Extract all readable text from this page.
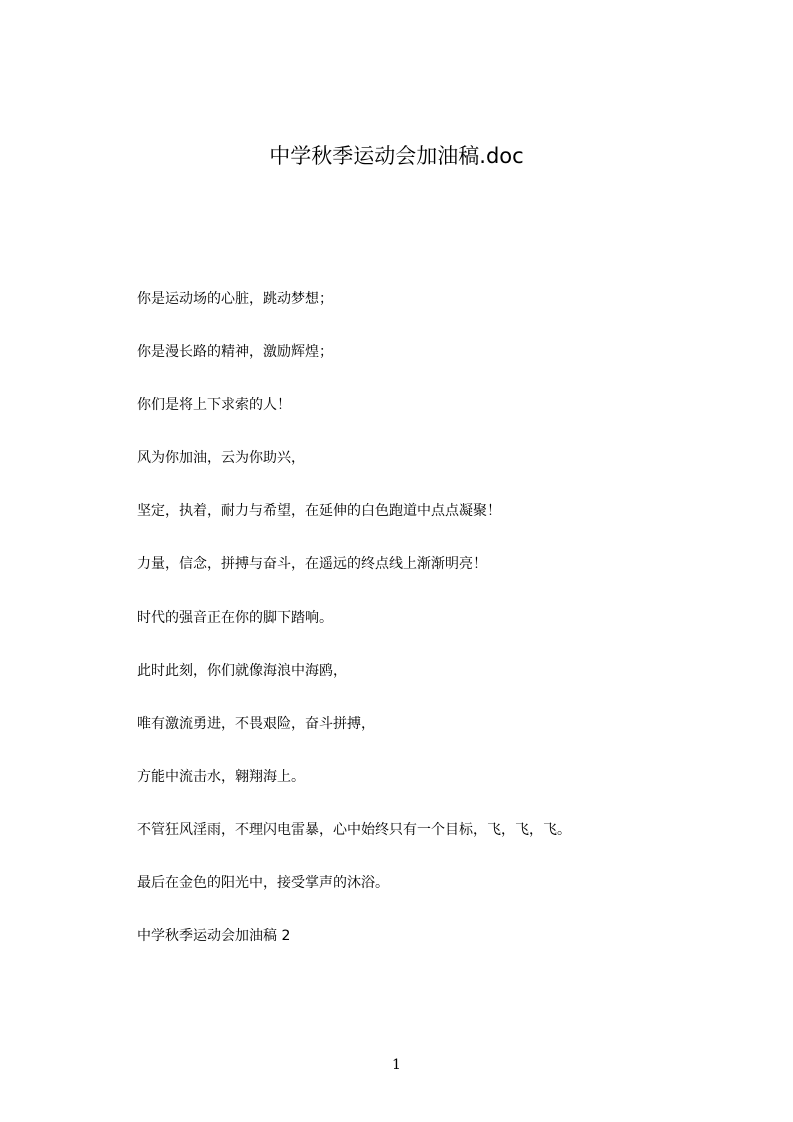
中学秋季运动会加油稿.doc

你是运动场的心脏，跳动梦想；

你是漫长路的精神，激励辉煌；

你们是将上下求索的人！

风为你加油，云为你助兴，

坚定，执着，耐力与希望，在延伸的白色跑道中点点凝聚！

力量，信念，拼搏与奋斗，在遥远的终点线上渐渐明亮！

时代的强音正在你的脚下踏响。

此时此刻，你们就像海浪中海鸥，

唯有激流勇进，不畏艰险，奋斗拼搏，

方能中流击水，翱翔海上。

不管狂风淫雨，不理闪电雷暴，心中始终只有一个目标，飞，飞，飞。

最后在金色的阳光中，接受掌声的沐浴。

中学秋季运动会加油稿 2

1
